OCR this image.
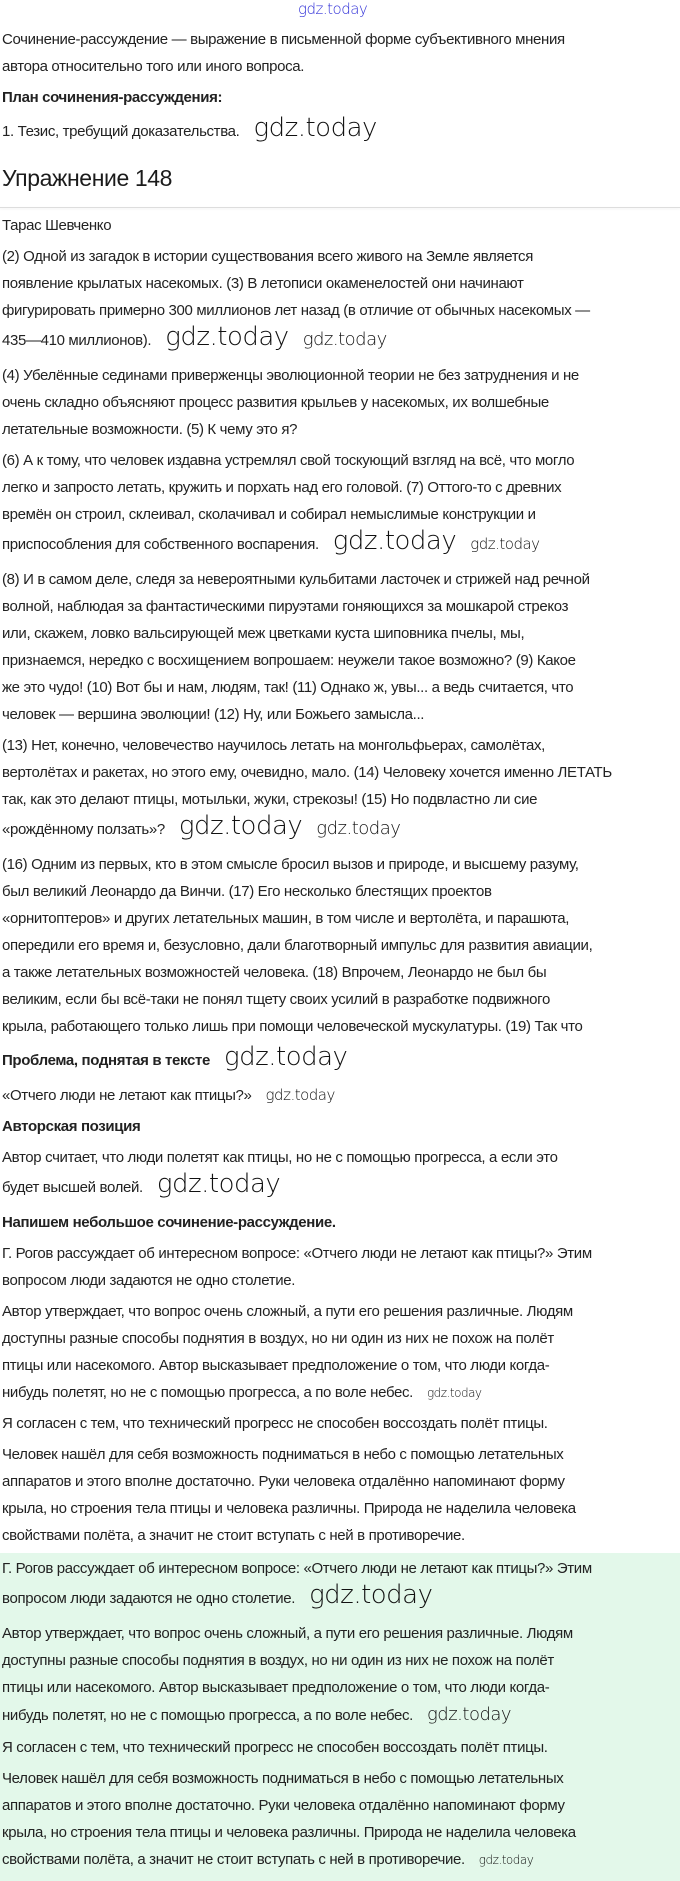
gdz.today
Сочинение-рассуждение — выражение в письменной форме субъективного мнения
автора относительно того или иного вопроса.
План сочинения-рассуждения:
1. Тезис, требущий доказательства. gdz.today
Упражнение 148
Тарас Шевченко
(2) Одной из загадок в истории существования всего живого на Земле является
появление крылатых насекомых. (3) В летописи окаменелостей они начинают
фигурировать примерно 300 миллионов лет назад (в отличие от обычных насекомых —
435—410 миллионов). gdz.today gdz.today
(4) Убелённые сединами приверженцы эволюционной теории не без затруднения и не
очень складно объясняют процесс развития крыльев у насекомых, их волшебные
летательные возможности. (5) К чему это я?
(6) А к тому, что человек издавна устремлял свой тоскующий взгляд на всё, что могло
легко и запросто летать, кружить и порхать над его головой. (7) Оттого-то с древних
времён он строил, склеивал, сколачивал и собирал немыслимые конструкции и
приспособления для собственного воспарения. gdz.today gdz.today
(8) И в самом деле, следя за невероятными кульбитами ласточек и стрижей над речной
волной, наблюдая за фантастическими пируэтами гоняющихся за мошкарой стрекоз
или, скажем, ловко вальсирующей меж цветками куста шиповника пчелы, мы,
признаемся, нередко с восхищением вопрошаем: неужели такое возможно? (9) Какое
же это чудо! (10) Вот бы и нам, людям, так! (11) Однако ж, увы... а ведь считается, что
человек — вершина эволюции! (12) Ну, или Божьего замысла...
(13) Нет, конечно, человечество научилось летать на монгольфьерах, самолётах,
вертолётах и ракетах, но этого ему, очевидно, мало. (14) Человеку хочется именно ЛЕТАТЬ
так, как это делают птицы, мотыльки, жуки, стрекозы! (15) Но подвластно ли сие
«рождённому ползать»? gdz.today gdz.today
(16) Одним из первых, кто в этом смысле бросил вызов и природе, и высшему разуму,
был великий Леонардо да Винчи. (17) Его несколько блестящих проектов
«орнитоптеров» и других летательных машин, в том числе и вертолёта, и парашюта,
опередили его время и, безусловно, дали благотворный импульс для развития авиации,
а также летательных возможностей человека. (18) Впрочем, Леонардо не был бы
великим, если бы всё-таки не понял тщету своих усилий в разработке подвижного
крыла, работающего только лишь при помощи человеческой мускулатуры. (19) Так что
Проблема, поднятая в тексте gdz.today
«Отчего люди не летают как птицы?» gdz.today
Авторская позиция
Автор считает, что люди полетят как птицы, но не с помощью прогресса, а если это
будет высшей волей. gdz.today
Напишем небольшое сочинение-рассуждение.
Г. Рогов рассуждает об интересном вопросе: «Отчего люди не летают как птицы?» Этим
вопросом люди задаются не одно столетие.
Автор утверждает, что вопрос очень сложный, а пути его решения различные. Людям
доступны разные способы поднятия в воздух, но ни один из них не похож на полёт
птицы или насекомого. Автор высказывает предположение о том, что люди когда-
нибудь полетят, но не с помощью прогресса, а по воле небес. gdz.today
Я согласен с тем, что технический прогресс не способен воссоздать полёт птицы.
Человек нашёл для себя возможность подниматься в небо с помощью летательных
аппаратов и этого вполне достаточно. Руки человека отдалённо напоминают форму
крыла, но строения тела птицы и человека различны. Природа не наделила человека
свойствами полёта, а значит не стоит вступать с ней в противоречие.
Г. Рогов рассуждает об интересном вопросе: «Отчего люди не летают как птицы?» Этим
вопросом люди задаются не одно столетие. gdz.today
Автор утверждает, что вопрос очень сложный, а пути его решения различные. Людям
доступны разные способы поднятия в воздух, но ни один из них не похож на полёт
птицы или насекомого. Автор высказывает предположение о том, что люди когда-
нибудь полетят, но не с помощью прогресса, а по воле небес. gdz.today
Я согласен с тем, что технический прогресс не способен воссоздать полёт птицы.
Человек нашёл для себя возможность подниматься в небо с помощью летательных
аппаратов и этого вполне достаточно. Руки человека отдалённо напоминают форму
крыла, но строения тела птицы и человека различны. Природа не наделила человека
свойствами полёта, а значит не стоит вступать с ней в противоречие. gdz.today
